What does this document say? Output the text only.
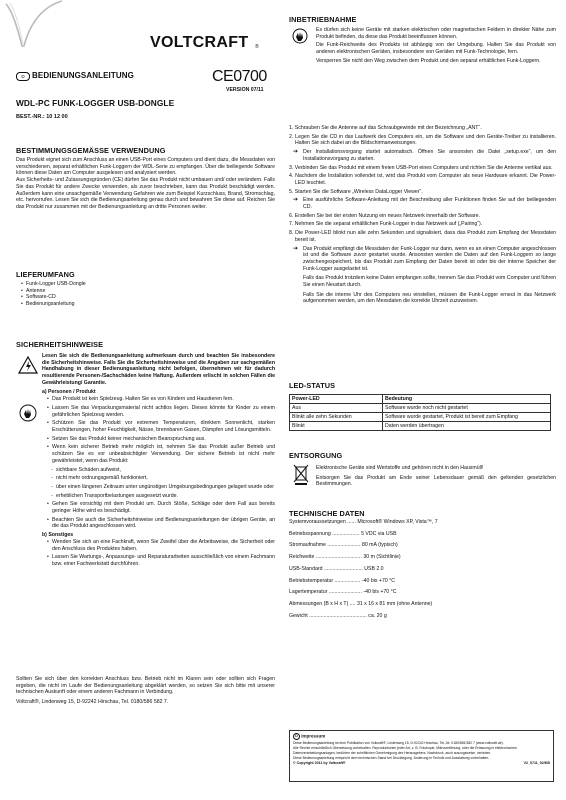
VOLTCRAFT ®
D BEDIENUNGSANLEITUNG	CE0700
VERSION 07/11
WDL-PC FUNK-LOGGER USB-DONGLE
BEST.-NR.: 10 12 00
BESTIMMUNGSGEMÄSSE VERWENDUNG

Das Produkt eignet sich zum Anschluss an einen USB-Port eines Computers und dient dazu, die Messdaten von verschiedenen, separat erhältlichen Funk-Loggern der WDL-Serie zu empfangen. Über die beiliegende Software können diese Daten am Computer ausgelesen und analysiert werden.

Aus Sicherheits- und Zulassungsgründen (CE) dürfen Sie das Produkt nicht umbauen und/ oder verändern. Falls Sie das Produkt für andere Zwecke verwenden, als zuvor beschrieben, kann das Produkt beschädigt werden. Außerdem kann eine unsachgemäße Verwendung Gefahren wie zum Beispiel Kurzschluss, Brand, Stromschlag, etc. hervorrufen. Lesen Sie sich die Bedienungsanleitung genau durch und bewahren Sie diese auf. Reichen Sie das Produkt nur zusammen mit der Bedienungsanleitung an dritte Personen weiter.

LIEFERUMFANG

• Funk-Logger USB-Dongle

• Antenne

• Software-CD

• Bedienungsanleitung

SICHERHEITSHINWEISE

Lesen Sie sich die Bedienungsanleitung aufmerksam durch und beachten Sie insbesondere die Sicherheitshinweise. Falls Sie die Sicherheitshinweise und die Angaben zur sachgemäßen Handhabung in dieser Bedienungsanleitung nicht befolgen, übernehmen wir für dadurch resultierende Personen-/Sachschäden keine Haftung. Außerdem erlischt in solchen Fällen die Gewährleistung/ Garantie.

a) Personen / Produkt

• Das Produkt ist kein Spielzeug. Halten Sie es von Kindern und Haustieren fern.

• Lassen Sie das Verpackungsmaterial nicht achtlos liegen. Dieses könnte für Kinder zu einem gefährlichen Spielzeug werden.

• Schützen Sie das Produkt vor extremen Temperaturen, direktem Sonnenlicht, starken Erschütterungen, hoher Feuchtigkeit, Nässe, brennbaren Gasen, Dämpfen und Lösungsmitteln.

• Setzen Sie das Produkt keiner mechanischen Beanspruchung aus.

• Wenn kein sicherer Betrieb mehr möglich ist, nehmen Sie das Produkt außer Betrieb und schützen Sie es vor unbeabsichtigter Verwendung. Der sichere Betrieb ist nicht mehr gewährleistet, wenn das Produkt:

- sichtbare Schäden aufweist,

- nicht mehr ordnungsgemäß funktioniert,

- über einen längeren Zeitraum unter ungünstigen Umgebungsbedingungen gelagert wurde oder

- erheblichen Transportbelastungen ausgesetzt wurde.

• Gehen Sie vorsichtig mit dem Produkt um. Durch Stöße, Schläge oder dem Fall aus bereits geringer Höhe wird es beschädigt.

• Beachten Sie auch die Sicherheitshinweise und Bedienungsanleitungen der übrigen Geräte, an die das Produkt angeschlossen wird.

b) Sonstiges

• Wenden Sie sich an eine Fachkraft, wenn Sie Zweifel über die Arbeitsweise, die Sicherheit oder den Anschluss des Produktes haben.

• Lassen Sie Wartungs-, Anpassungs- und Reparaturarbeiten ausschließlich von einem Fachmann bzw. einer Fachwerkstatt durchführen.

Sollten Sie sich über den korrekten Anschluss bzw. Betrieb nicht im Klaren sein oder sollten sich Fragen ergeben, die nicht im Laufe der Bedienungsanleitung abgeklärt werden, so setzen Sie sich bitte mit unserer technischen Auskunft oder einem anderen Fachmann in Verbindung.

Voltcraft®, Lindenweg 15, D-92242 Hirschau, Tel. 0180/586 582 7.

INBETRIEBNAHME

Es dürfen sich keine Geräte mit starken elektrischen oder magnetischen Feldern in direkter Nähe zum Produkt befinden, da diese das Produkt beeinflussen können.

Die Funk-Reichweite des Produkts ist abhängig von der Umgebung. Halten Sie das Produkt von anderen elektronischen Geräten, insbesondere von Geräten mit Funk-Technologie, fern.

Versperren Sie nicht den Weg zwischen dem Produkt und den separat erhältlichen Funk-Loggern.

1. Schrauben Sie die Antenne auf das Schraubgewinde mit der Bezeichnung „ANT“.

2. Legen Sie die CD in das Laufwerk des Computers ein, um die Software und den Geräte-Treiber zu installieren. Halten Sie sich dabei an die Bildschirmanweisungen.

➔ Der Installationsvorgang startet automatisch. Öffnen Sie ansonsten die Datei „setup.exe“, um den Installationsvorgang zu starten.

3. Verbinden Sie das Produkt mit einem freien USB-Port eines Computers und richten Sie die Antenne vertikal aus.

4. Nachdem die Installation vollendet ist, wird das Produkt vom Computer als neue Hardware erkannt. Die Power-LED leuchtet.

5. Starten Sie die Software „Wireless DataLogger Viewer“.

➔ Eine ausführliche Software-Anleitung mit der Beschreibung aller Funktionen finden Sie auf der beiliegenden CD.

6. Erstellen Sie bei der ersten Nutzung ein neues Netzwerk innerhalb der Software.

7. Nehmen Sie die separat erhältlichen Funk-Logger in das Netzwerk auf („Pairing“).

8. Die Power-LED blinkt nun alle zehn Sekunden und signalisiert, dass das Produkt zum Empfang der Messdaten bereit ist.

➔ Das Produkt empfängt die Messdaten der Funk-Logger nur dann, wenn es an einen Computer angeschlossen ist und die Software zuvor gestartet wurde. Ansonsten werden die Daten auf den Funk-Loggern so lange zwischengespeichert, bis das Produkt zum Empfang der Daten bereit ist oder bis der interne Speicher der Funk-Logger ausgelastet ist.

Falls das Produkt trotzdem keine Daten empfangen sollte, trennen Sie das Produkt vom Computer und führen Sie einen Neustart durch.

Falls Sie die interne Uhr des Computers neu einstellen, müssen die Funk-Logger erneut in das Netzwerk aufgenommen werden, um den Messdaten die korrekte Uhrzeit zuzuweisen.

LED-STATUS
Power-LED	Bedeutung
Aus	Software wurde noch nicht gestartet
Blinkt alle zehn Sekunden	Software wurde gestartet, Produkt ist bereit zum Empfang
Blinkt	Daten werden übertragen
ENTSORGUNG

Elektronische Geräte sind Wertstoffe und gehören nicht in den Hausmüll!

Entsorgen Sie das Produkt am Ende seiner Lebensdauer gemäß den geltenden gesetzlichen Bestimmungen.

TECHNISCHE DATEN

Systemvoraussetzungen ...... Microsoft® Windows XP, Vista™, 7

Betriebsspannung ................... 5 VDC via USB

Stromaufnahme ....................... 80 mA (typisch)

Reichweite ................................ 30 m (Sichtlinie)

USB-Standard ........................... USB 2.0

Betriebstemperatur .................. -40 bis +70 °C

Lagertemperatur ....................... -40 bis +70 °C

Abmessungen (B x H x T) .... 31 x 16 x 81 mm (ohne Antenne)

Gewicht ........................................ ca. 20 g

D Impressum

Diese Bedienungsanleitung ist eine Publikation von Voltcraft®, Lindenweg 15, D-92242 Hirschau, Tel.-Nr. 0180/586 582 7 (www.voltcraft.de).

Alle Rechte einschließlich Übersetzung vorbehalten. Reproduktionen jeder Art, z. B. Fotokopie, Mikroverfilmung, oder die Erfassung in elektronischen Datenverarbeitungsanlagen, bedürfen der schriftlichen Genehmigung des Herausgebers. Nachdruck, auch auszugsweise, verboten.

Diese Bedienungsanleitung entspricht dem technischen Stand bei Drucklegung. Änderung in Technik und Ausstattung vorbehalten.

© Copyright 2011 by Voltcraft®	V2_0711_02/KB
